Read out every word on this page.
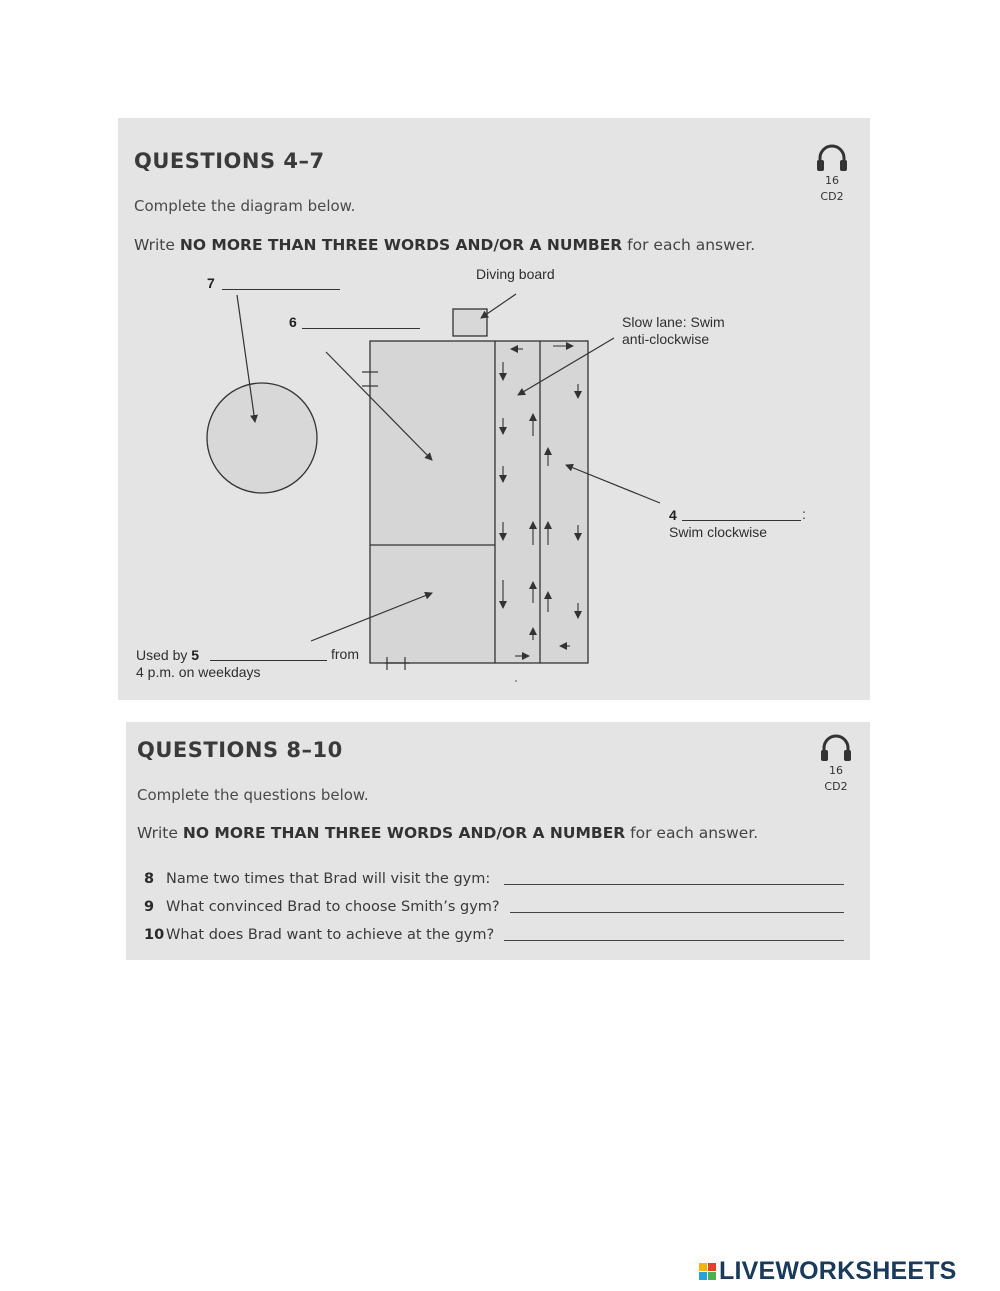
QUESTIONS 4–7
Complete the diagram below.
Write NO MORE THAN THREE WORDS AND/OR A NUMBER for each answer.
16
CD2
Diving board
Slow lane: Swim
anti-clockwise
7
6
4	:
Swim clockwise
Used by 5	from
4 p.m. on weekdays
QUESTIONS 8–10
Complete the questions below.
Write NO MORE THAN THREE WORDS AND/OR A NUMBER for each answer.
16
CD2
8 Name two times that Brad will visit the gym:
9 What convinced Brad to choose Smith’s gym?
10 What does Brad want to achieve at the gym?
LIVEWORKSHEETS
